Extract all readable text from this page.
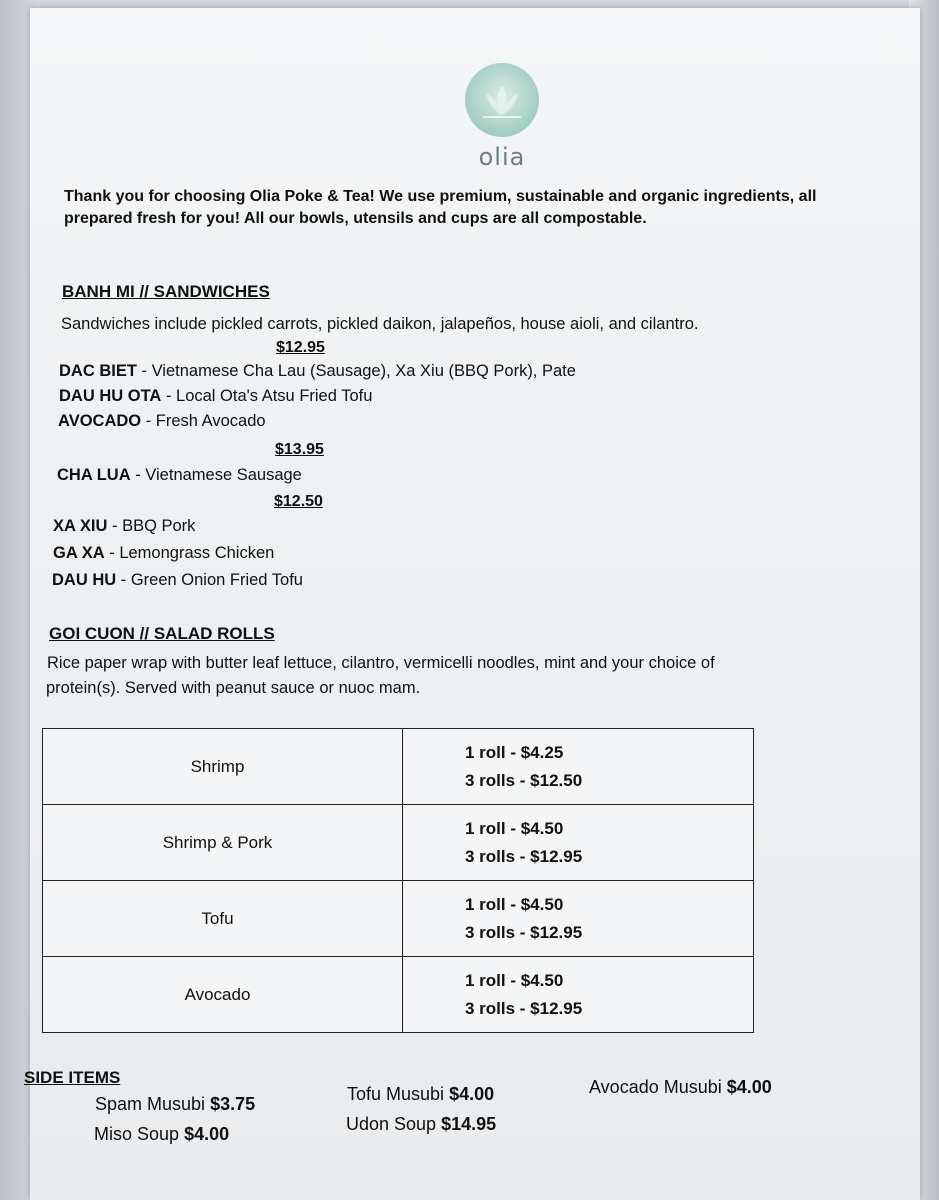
olia
Thank you for choosing Olia Poke & Tea! We use premium, sustainable and organic ingredients, all prepared fresh for you! All our bowls, utensils and cups are all compostable.
BANH MI // SANDWICHES
Sandwiches include pickled carrots, pickled daikon, jalapeños, house aioli, and cilantro.
$12.95
DAC BIET - Vietnamese Cha Lau (Sausage), Xa Xiu (BBQ Pork), Pate
DAU HU OTA - Local Ota's Atsu Fried Tofu
AVOCADO - Fresh Avocado
$13.95
CHA LUA - Vietnamese Sausage
$12.50
XA XIU - BBQ Pork
GA XA - Lemongrass Chicken
DAU HU - Green Onion Fried Tofu
GOI CUON // SALAD ROLLS
Rice paper wrap with butter leaf lettuce, cilantro, vermicelli noodles, mint and your choice of
protein(s). Served with peanut sauce or nuoc mam.
SIDE ITEMS
Spam Musubi $3.75
Miso Soup $4.00
Tofu Musubi $4.00
Udon Soup $14.95
Avocado Musubi $4.00
Shrimp	1 roll - $4.25
3 rolls - $12.50

Shrimp & Pork	1 roll - $4.50
3 rolls - $12.95

Tofu	1 roll - $4.50
3 rolls - $12.95

Avocado	1 roll - $4.50
3 rolls - $12.95
